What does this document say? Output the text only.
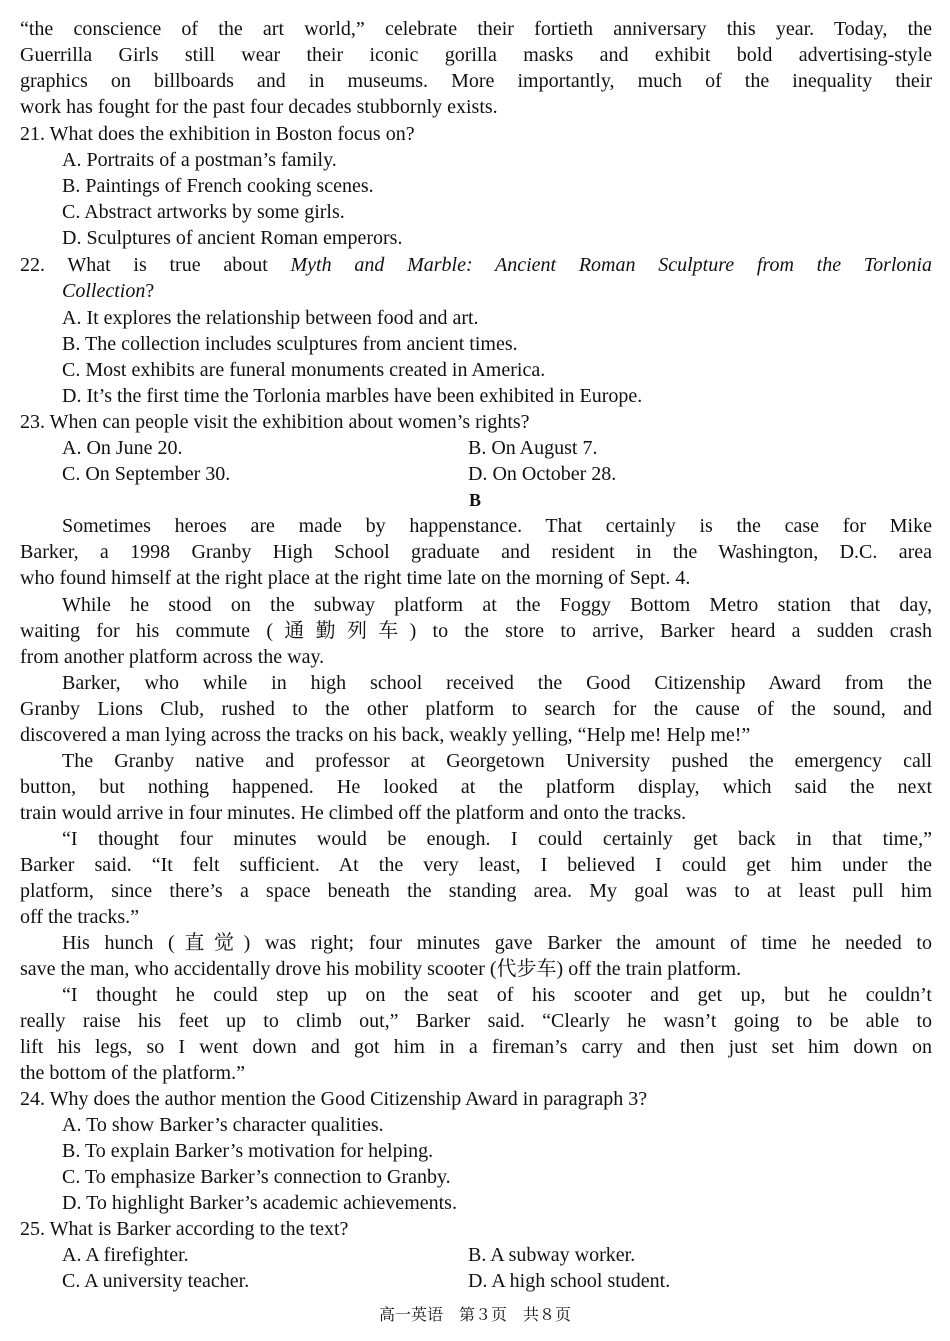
“the conscience of the art world,” celebrate their fortieth anniversary this year. Today, the
Guerrilla Girls still wear their iconic gorilla masks and exhibit bold advertising-style
graphics on billboards and in museums. More importantly, much of the inequality their
work has fought for the past four decades stubbornly exists.
21. What does the exhibition in Boston focus on?
A. Portraits of a postman’s family.
B. Paintings of French cooking scenes.
C. Abstract artworks by some girls.
D. Sculptures of ancient Roman emperors.
22. What is true about Myth and Marble: Ancient Roman Sculpture from the Torlonia
Collection?
A. It explores the relationship between food and art.
B. The collection includes sculptures from ancient times.
C. Most exhibits are funeral monuments created in America.
D. It’s the first time the Torlonia marbles have been exhibited in Europe.
23. When can people visit the exhibition about women’s rights?
A. On June 20.	B. On August 7.
C. On September 30.	D. On October 28.
B
Sometimes heroes are made by happenstance. That certainly is the case for Mike
Barker, a 1998 Granby High School graduate and resident in the Washington, D.C. area
who found himself at the right place at the right time late on the morning of Sept. 4.
While he stood on the subway platform at the Foggy Bottom Metro station that day,
waiting for his commute (通勤列车) to the store to arrive, Barker heard a sudden crash
from another platform across the way.
Barker, who while in high school received the Good Citizenship Award from the
Granby Lions Club, rushed to the other platform to search for the cause of the sound, and
discovered a man lying across the tracks on his back, weakly yelling, “Help me! Help me!”
The Granby native and professor at Georgetown University pushed the emergency call
button, but nothing happened. He looked at the platform display, which said the next
train would arrive in four minutes. He climbed off the platform and onto the tracks.
“I thought four minutes would be enough. I could certainly get back in that time,”
Barker said. “It felt sufficient. At the very least, I believed I could get him under the
platform, since there’s a space beneath the standing area. My goal was to at least pull him
off the tracks.”
His hunch (直觉) was right; four minutes gave Barker the amount of time he needed to
save the man, who accidentally drove his mobility scooter (代步车) off the train platform.
“I thought he could step up on the seat of his scooter and get up, but he couldn’t
really raise his feet up to climb out,” Barker said. “Clearly he wasn’t going to be able to
lift his legs, so I went down and got him in a fireman’s carry and then just set him down on
the bottom of the platform.”
24. Why does the author mention the Good Citizenship Award in paragraph 3?
A. To show Barker’s character qualities.
B. To explain Barker’s motivation for helping.
C. To emphasize Barker’s connection to Granby.
D. To highlight Barker’s academic achievements.
25. What is Barker according to the text?
A. A firefighter.	B. A subway worker.
C. A university teacher.	D. A high school student.
高一英语　第３页　共８页
